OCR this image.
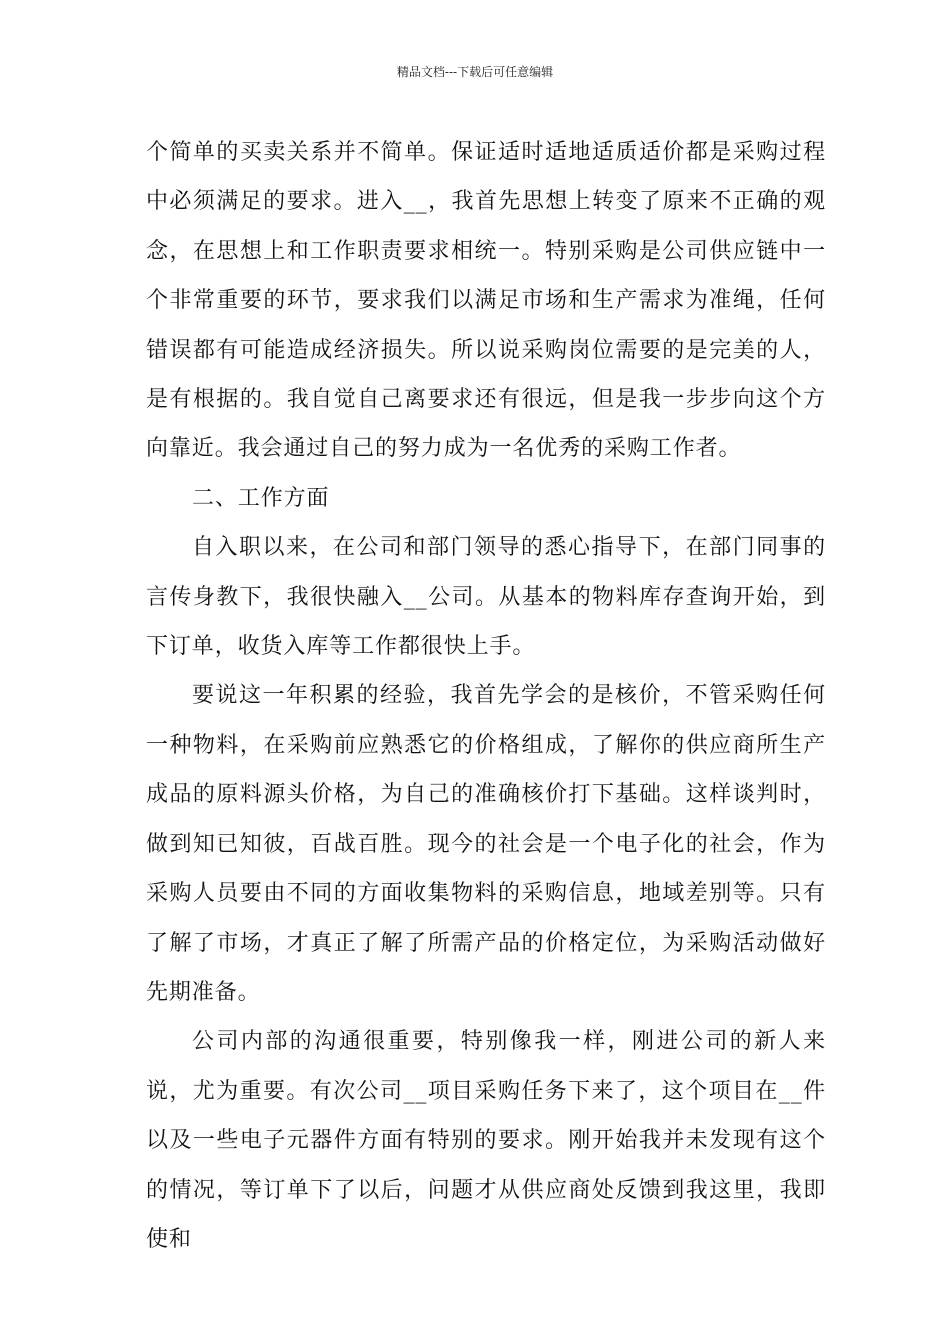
精品文档---下载后可任意编辑

个简单的买卖关系并不简单。保证适时适地适质适价都是采购过程中必须满足的要求。进入__，我首先思想上转变了原来不正确的观念，在思想上和工作职责要求相统一。特别采购是公司供应链中一个非常重要的环节，要求我们以满足市场和生产需求为准绳，任何错误都有可能造成经济损失。所以说采购岗位需要的是完美的人，是有根据的。我自觉自己离要求还有很远，但是我一步步向这个方向靠近。我会通过自己的努力成为一名优秀的采购工作者。

二、工作方面

自入职以来，在公司和部门领导的悉心指导下，在部门同事的言传身教下，我很快融入__公司。从基本的物料库存查询开始，到下订单，收货入库等工作都很快上手。

要说这一年积累的经验，我首先学会的是核价，不管采购任何一种物料，在采购前应熟悉它的价格组成，了解你的供应商所生产成品的原料源头价格，为自己的准确核价打下基础。这样谈判时，做到知已知彼，百战百胜。现今的社会是一个电子化的社会，作为采购人员要由不同的方面收集物料的采购信息，地域差别等。只有了解了市场，才真正了解了所需产品的价格定位，为采购活动做好先期准备。

公司内部的沟通很重要，特别像我一样，刚进公司的新人来说，尤为重要。有次公司__项目采购任务下来了，这个项目在__件以及一些电子元器件方面有特别的要求。刚开始我并未发现有这个的情况，等订单下了以后，问题才从供应商处反馈到我这里，我即使和
